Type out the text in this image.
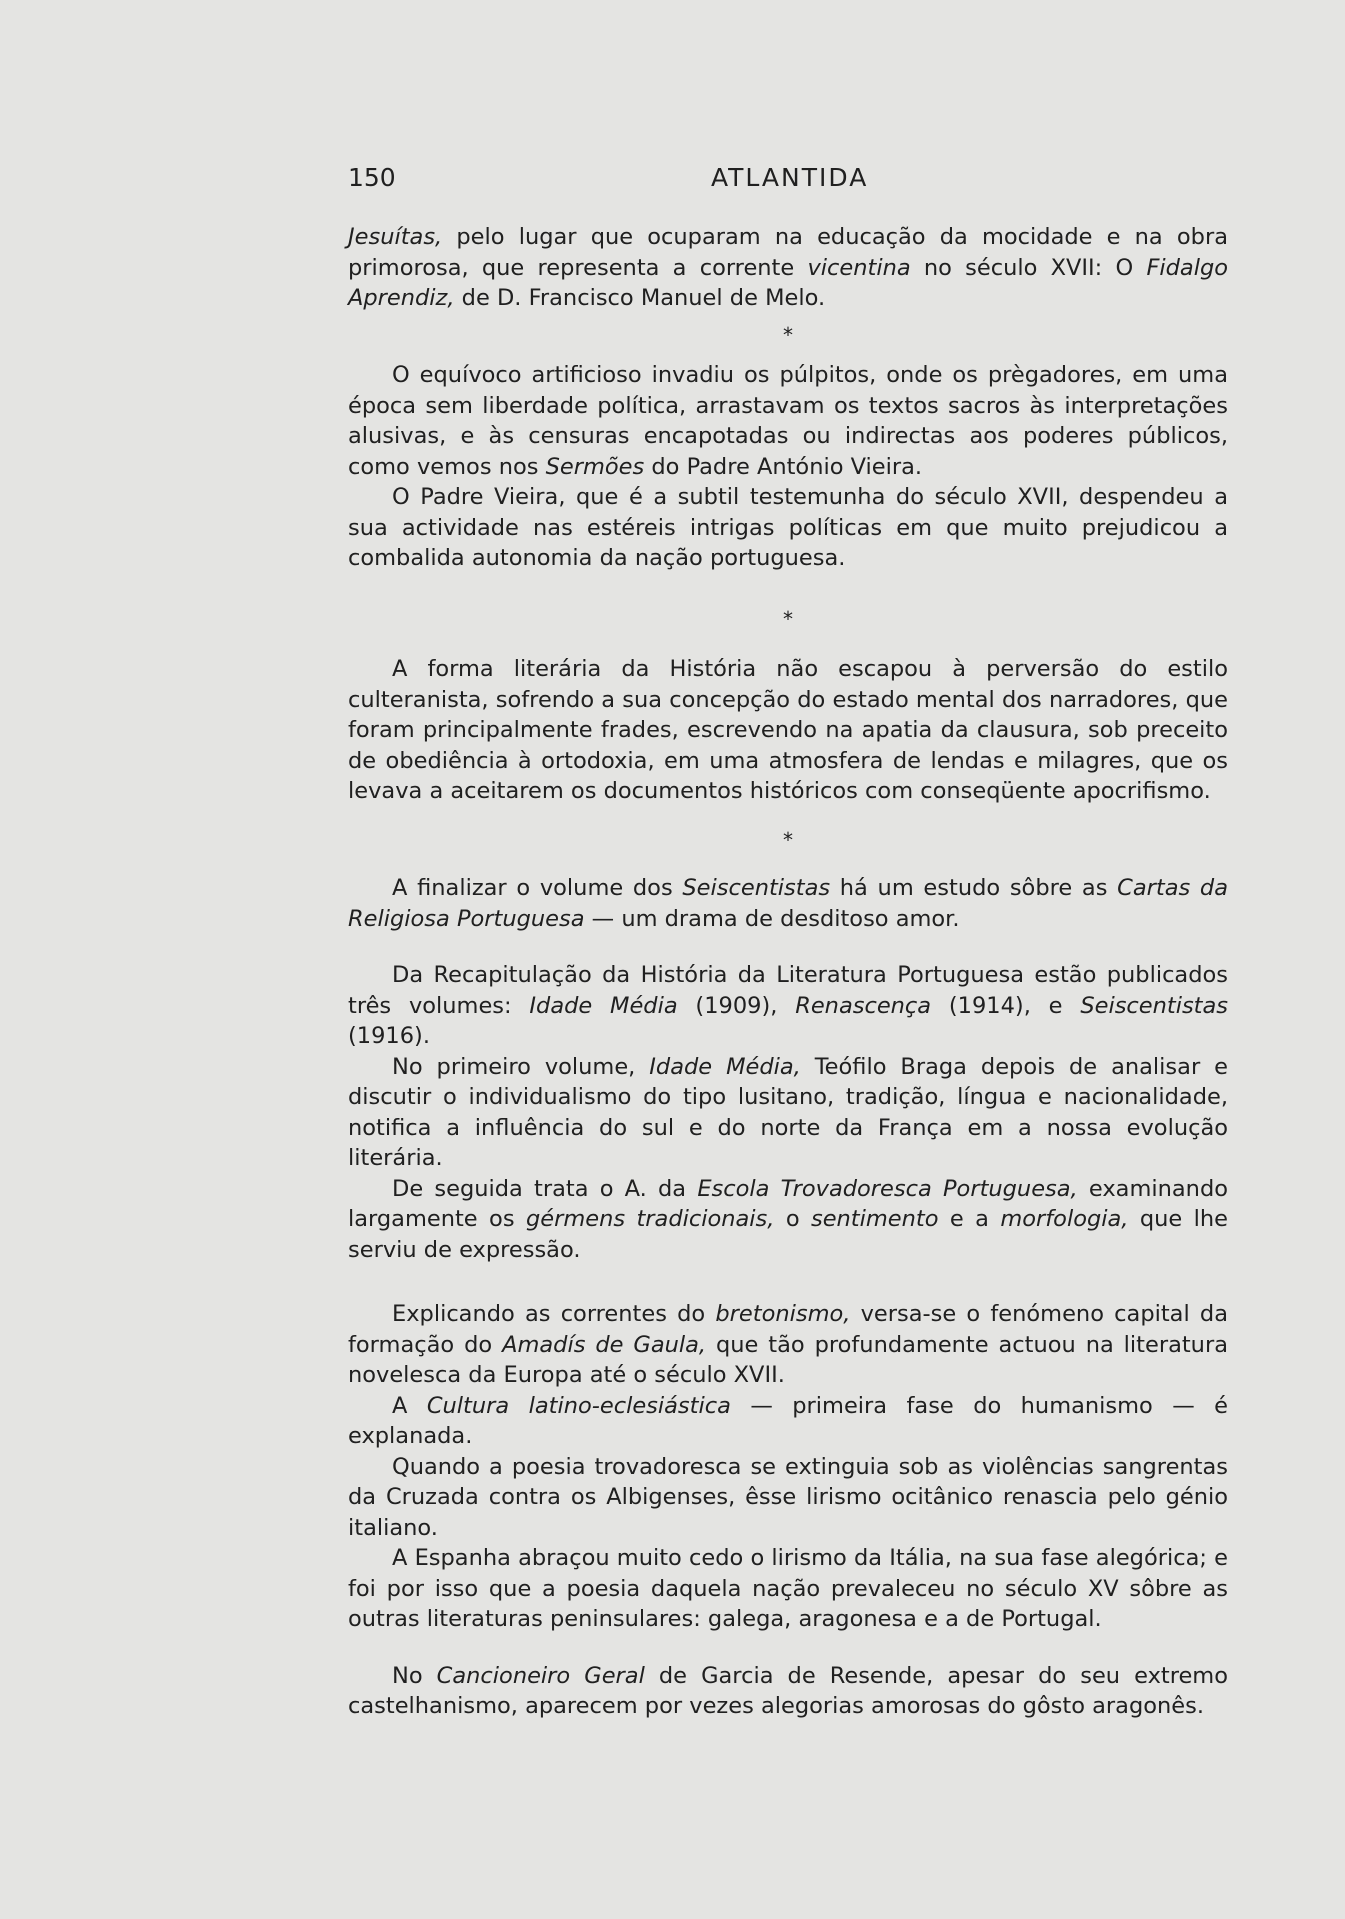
150	ATLANTIDA

Jesuítas, pelo lugar que ocuparam na educação da mocidade e na obra primorosa, que representa a corrente vicentina no século XVII: O Fidalgo Aprendiz, de D. Francisco Manuel de Melo.

*

O equívoco artificioso invadiu os púlpitos, onde os prègadores, em uma época sem liberdade política, arrastavam os textos sacros às interpretações alusivas, e às censuras encapotadas ou indirectas aos poderes públicos, como vemos nos Sermões do Padre António Vieira.

O Padre Vieira, que é a subtil testemunha do século XVII, despendeu a sua actividade nas estéreis intrigas políticas em que muito prejudicou a combalida autonomia da nação portuguesa.

*

A forma literária da História não escapou à perversão do estilo culteranista, sofrendo a sua concepção do estado mental dos narradores, que foram principalmente frades, escrevendo na apatia da clausura, sob preceito de obediência à ortodoxia, em uma atmosfera de lendas e milagres, que os levava a aceitarem os documentos históricos com conseqüente apocrifismo.

*

A finalizar o volume dos Seiscentistas há um estudo sôbre as Cartas da Religiosa Portuguesa — um drama de desditoso amor.

Da Recapitulação da História da Literatura Portuguesa estão publicados três volumes: Idade Média (1909), Renascença (1914), e Seiscentistas (1916).

No primeiro volume, Idade Média, Teófilo Braga depois de analisar e discutir o individualismo do tipo lusitano, tradição, língua e nacionalidade, notifica a influência do sul e do norte da França em a nossa evolução literária.

De seguida trata o A. da Escola Trovadoresca Portuguesa, examinando largamente os gérmens tradicionais, o sentimento e a morfologia, que lhe serviu de expressão.

Explicando as correntes do bretonismo, versa-se o fenómeno capital da formação do Amadís de Gaula, que tão profundamente actuou na literatura novelesca da Europa até o século XVII.

A Cultura latino-eclesiástica — primeira fase do humanismo — é explanada.

Quando a poesia trovadoresca se extinguia sob as violências sangrentas da Cruzada contra os Albigenses, êsse lirismo ocitânico renascia pelo génio italiano.

A Espanha abraçou muito cedo o lirismo da Itália, na sua fase alegórica; e foi por isso que a poesia daquela nação prevaleceu no século XV sôbre as outras literaturas peninsulares: galega, aragonesa e a de Portugal.

No Cancioneiro Geral de Garcia de Resende, apesar do seu extremo castelhanismo, aparecem por vezes alegorias amorosas do gôsto aragonês.
